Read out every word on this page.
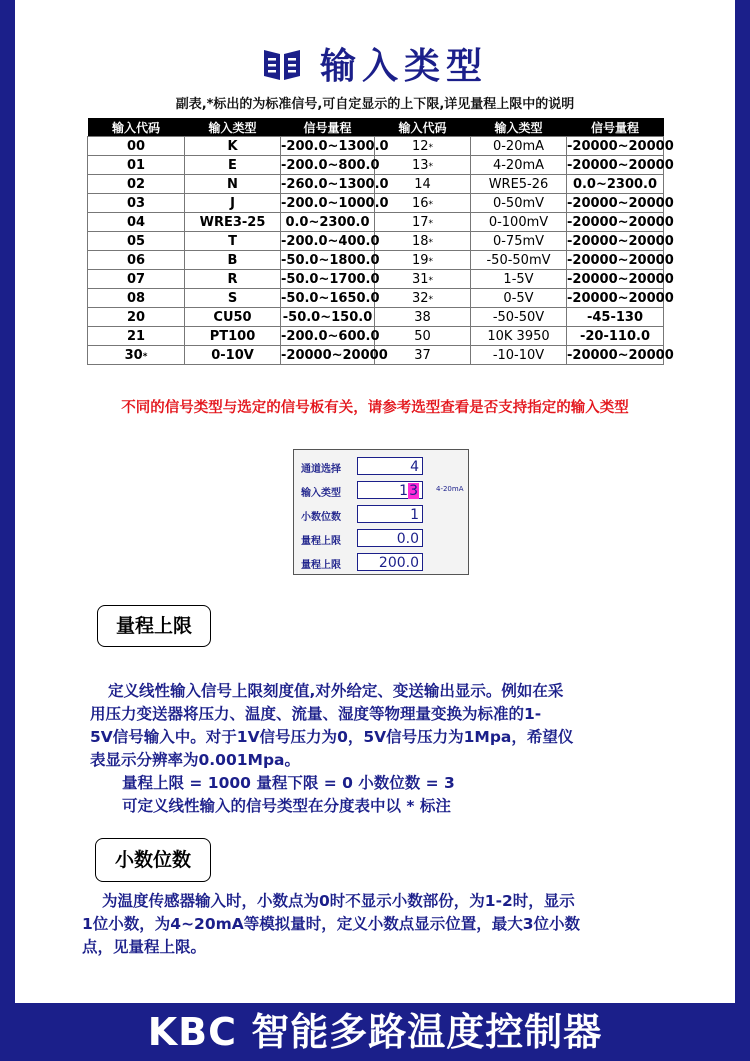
输入类型
副表,*标出的为标准信号,可自定显示的上下限,详见量程上限中的说明
输入代码	输入类型	信号量程	输入代码	输入类型	信号量程
00	K	-200.0~1300.0	12*	0-20mA	-20000~20000
01	E	-200.0~800.0	13*	4-20mA	-20000~20000
02	N	-260.0~1300.0	14	WRE5-26	0.0~2300.0
03	J	-200.0~1000.0	16*	0-50mV	-20000~20000
04	WRE3-25	0.0~2300.0	17*	0-100mV	-20000~20000
05	T	-200.0~400.0	18*	0-75mV	-20000~20000
06	B	-50.0~1800.0	19*	-50-50mV	-20000~20000
07	R	-50.0~1700.0	31*	1-5V	-20000~20000
08	S	-50.0~1650.0	32*	0-5V	-20000~20000
20	CU50	-50.0~150.0	38	-50-50V	-45-130
21	PT100	-200.0~600.0	50	10K 3950	-20-110.0
30*	0-10V	-20000~20000	37	-10-10V	-20000~20000
不同的信号类型与选定的信号板有关，请参考选型查看是否支持指定的输入类型
通道选择	4
输入类型	13	4-20mA
小数位数	1
量程上限	0.0
量程上限	200.0
量程上限

定义线性输入信号上限刻度值,对外给定、变送输出显示。例如在采

用压力变送器将压力、温度、流量、湿度等物理量变换为标准的1-

5V信号输入中。对于1V信号压力为0，5V信号压力为1Mpa，希望仪

表显示分辨率为0.001Mpa。

量程上限 = 1000 量程下限 = 0 小数位数 = 3

可定义线性输入的信号类型在分度表中以 * 标注

小数位数

为温度传感器输入时，小数点为0时不显示小数部份，为1-2时，显示

1位小数，为4~20mA等模拟量时，定义小数点显示位置，最大3位小数

点，见量程上限。

KBC 智能多路温度控制器
